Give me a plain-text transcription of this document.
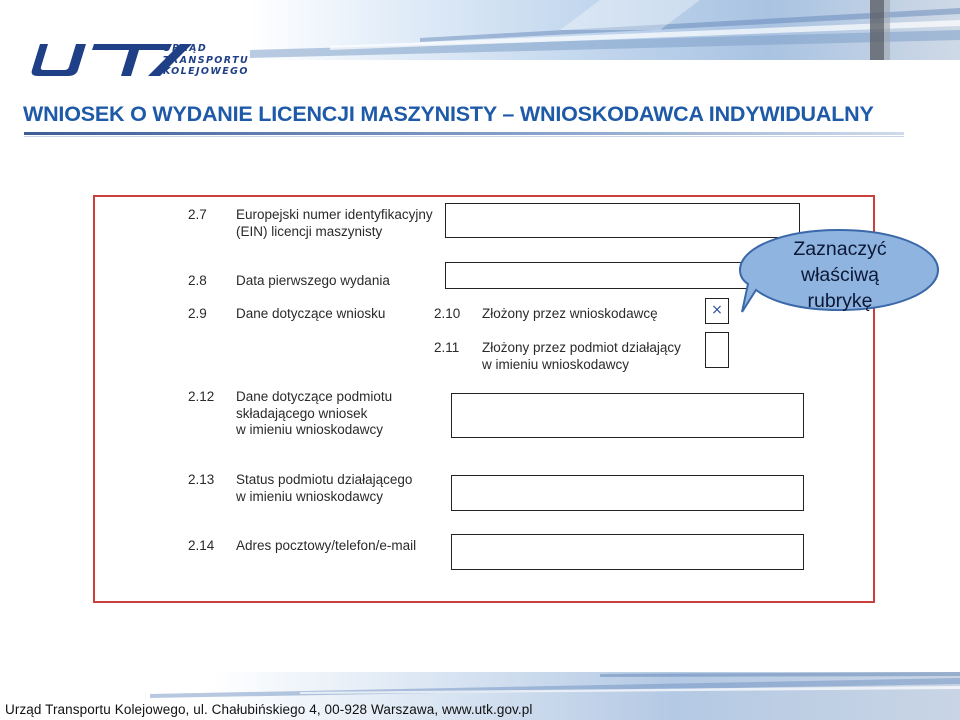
URZĄD
TRANSPORTU
KOLEJOWEGO
WNIOSEK O WYDANIE LICENCJI MASZYNISTY – WNIOSKODAWCA INDYWIDUALNY
2.7 Europejski numer identyfikacyjny
(EIN) licencji maszynisty
2.8 Data pierwszego wydania
2.9 Dane dotyczące wniosku	2.10 Złożony przez wnioskodawcę	×
2.11 Złożony przez podmiot działający
w imieniu wnioskodawcy
2.12 Dane dotyczące podmiotu
składającego wniosek
w imieniu wnioskodawcy
2.13 Status podmiotu działającego
w imieniu wnioskodawcy
2.14 Adres pocztowy/telefon/e-mail
Zaznaczyć
właściwą
rubrykę
Urząd Transportu Kolejowego, ul. Chałubińskiego 4, 00-928 Warszawa, www.utk.gov.pl
